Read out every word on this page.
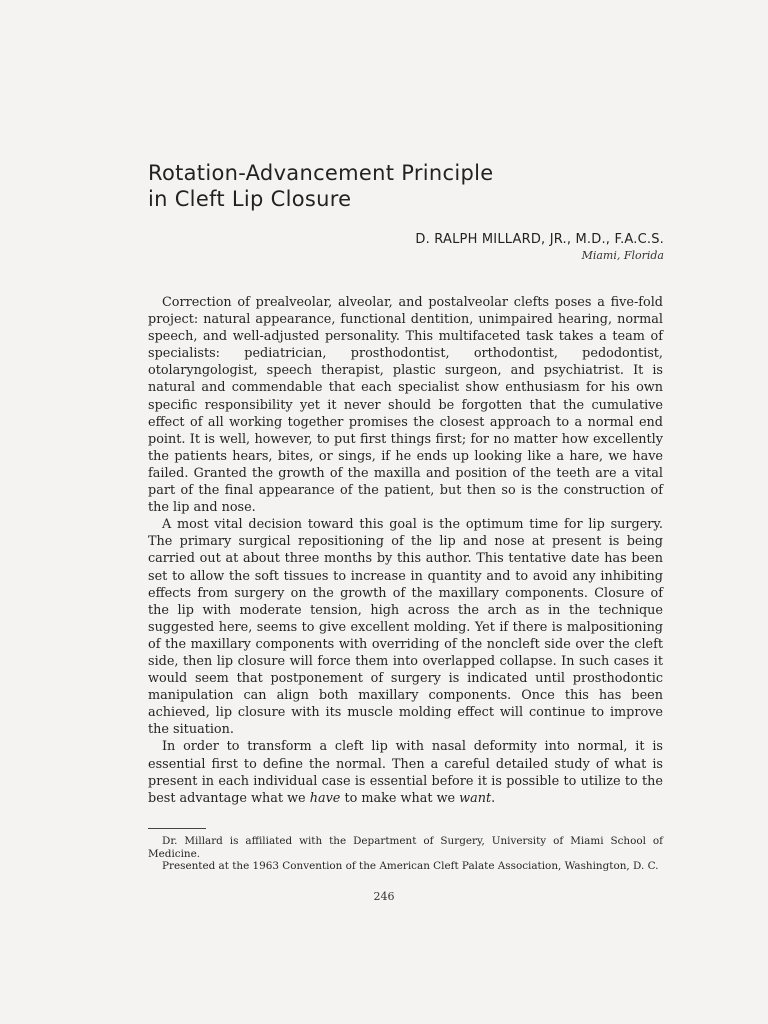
Rotation-Advancement Principle
in Cleft Lip Closure
D. RALPH MILLARD, JR., M.D., F.A.C.S.
Miami, Florida

Correction of prealveolar, alveolar, and postalveolar clefts poses a five-fold project: natural appearance, functional dentition, unimpaired hearing, normal speech, and well-adjusted personality. This multifaceted task takes a team of specialists: pediatrician, prosthodontist, orthodontist, pedodontist, otolaryngologist, speech therapist, plastic surgeon, and psychiatrist. It is natural and commendable that each specialist show enthusiasm for his own specific responsibility yet it never should be forgotten that the cumulative effect of all working together promises the closest approach to a normal end point. It is well, however, to put first things first; for no matter how excellently the patients hears, bites, or sings, if he ends up looking like a hare, we have failed. Granted the growth of the maxilla and position of the teeth are a vital part of the final appearance of the patient, but then so is the construction of the lip and nose.

A most vital decision toward this goal is the optimum time for lip surgery. The primary surgical repositioning of the lip and nose at present is being carried out at about three months by this author. This tentative date has been set to allow the soft tissues to increase in quantity and to avoid any inhibiting effects from surgery on the growth of the maxillary components. Closure of the lip with moderate tension, high across the arch as in the technique suggested here, seems to give excellent molding. Yet if there is malpositioning of the maxillary components with overriding of the noncleft side over the cleft side, then lip closure will force them into overlapped collapse. In such cases it would seem that postponement of surgery is indicated until prosthodontic manipulation can align both maxillary components. Once this has been achieved, lip closure with its muscle molding effect will continue to improve the situation.

In order to transform a cleft lip with nasal deformity into normal, it is essential first to define the normal. Then a careful detailed study of what is present in each individual case is essential before it is possible to utilize to the best advantage what we have to make what we want.

Dr. Millard is affiliated with the Department of Surgery, University of Miami School of Medicine.

Presented at the 1963 Convention of the American Cleft Palate Association, Washington, D. C.

246
